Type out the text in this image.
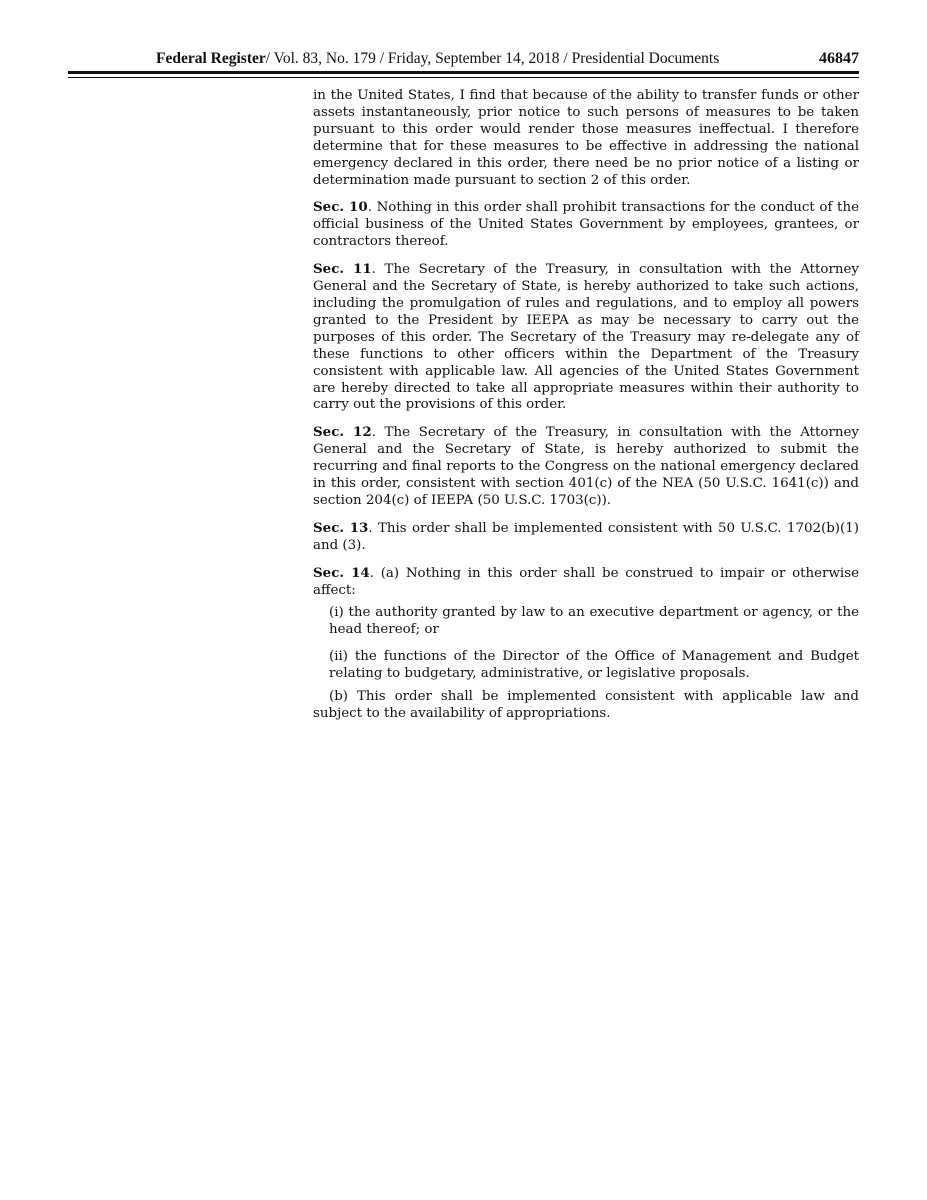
Federal Register/ Vol. 83, No. 179 / Friday, September 14, 2018 / Presidential Documents	46847

in the United States, I find that because of the ability to transfer funds or other assets instantaneously, prior notice to such persons of measures to be taken pursuant to this order would render those measures ineffectual. I therefore determine that for these measures to be effective in addressing the national emergency declared in this order, there need be no prior notice of a listing or determination made pursuant to section 2 of this order.

Sec. 10. Nothing in this order shall prohibit transactions for the conduct of the official business of the United States Government by employees, grantees, or contractors thereof.

Sec. 11. The Secretary of the Treasury, in consultation with the Attorney General and the Secretary of State, is hereby authorized to take such actions, including the promulgation of rules and regulations, and to employ all powers granted to the President by IEEPA as may be necessary to carry out the purposes of this order. The Secretary of the Treasury may re-delegate any of these functions to other officers within the Department of the Treasury consistent with applicable law. All agencies of the United States Government are hereby directed to take all appropriate measures within their authority to carry out the provisions of this order.

Sec. 12. The Secretary of the Treasury, in consultation with the Attorney General and the Secretary of State, is hereby authorized to submit the recurring and final reports to the Congress on the national emergency declared in this order, consistent with section 401(c) of the NEA (50 U.S.C. 1641(c)) and section 204(c) of IEEPA (50 U.S.C. 1703(c)).

Sec. 13. This order shall be implemented consistent with 50 U.S.C. 1702(b)(1) and (3).

Sec. 14. (a) Nothing in this order shall be construed to impair or otherwise affect:

(i) the authority granted by law to an executive department or agency, or the head thereof; or

(ii) the functions of the Director of the Office of Management and Budget relating to budgetary, administrative, or legislative proposals.

(b) This order shall be implemented consistent with applicable law and subject to the availability of appropriations.
